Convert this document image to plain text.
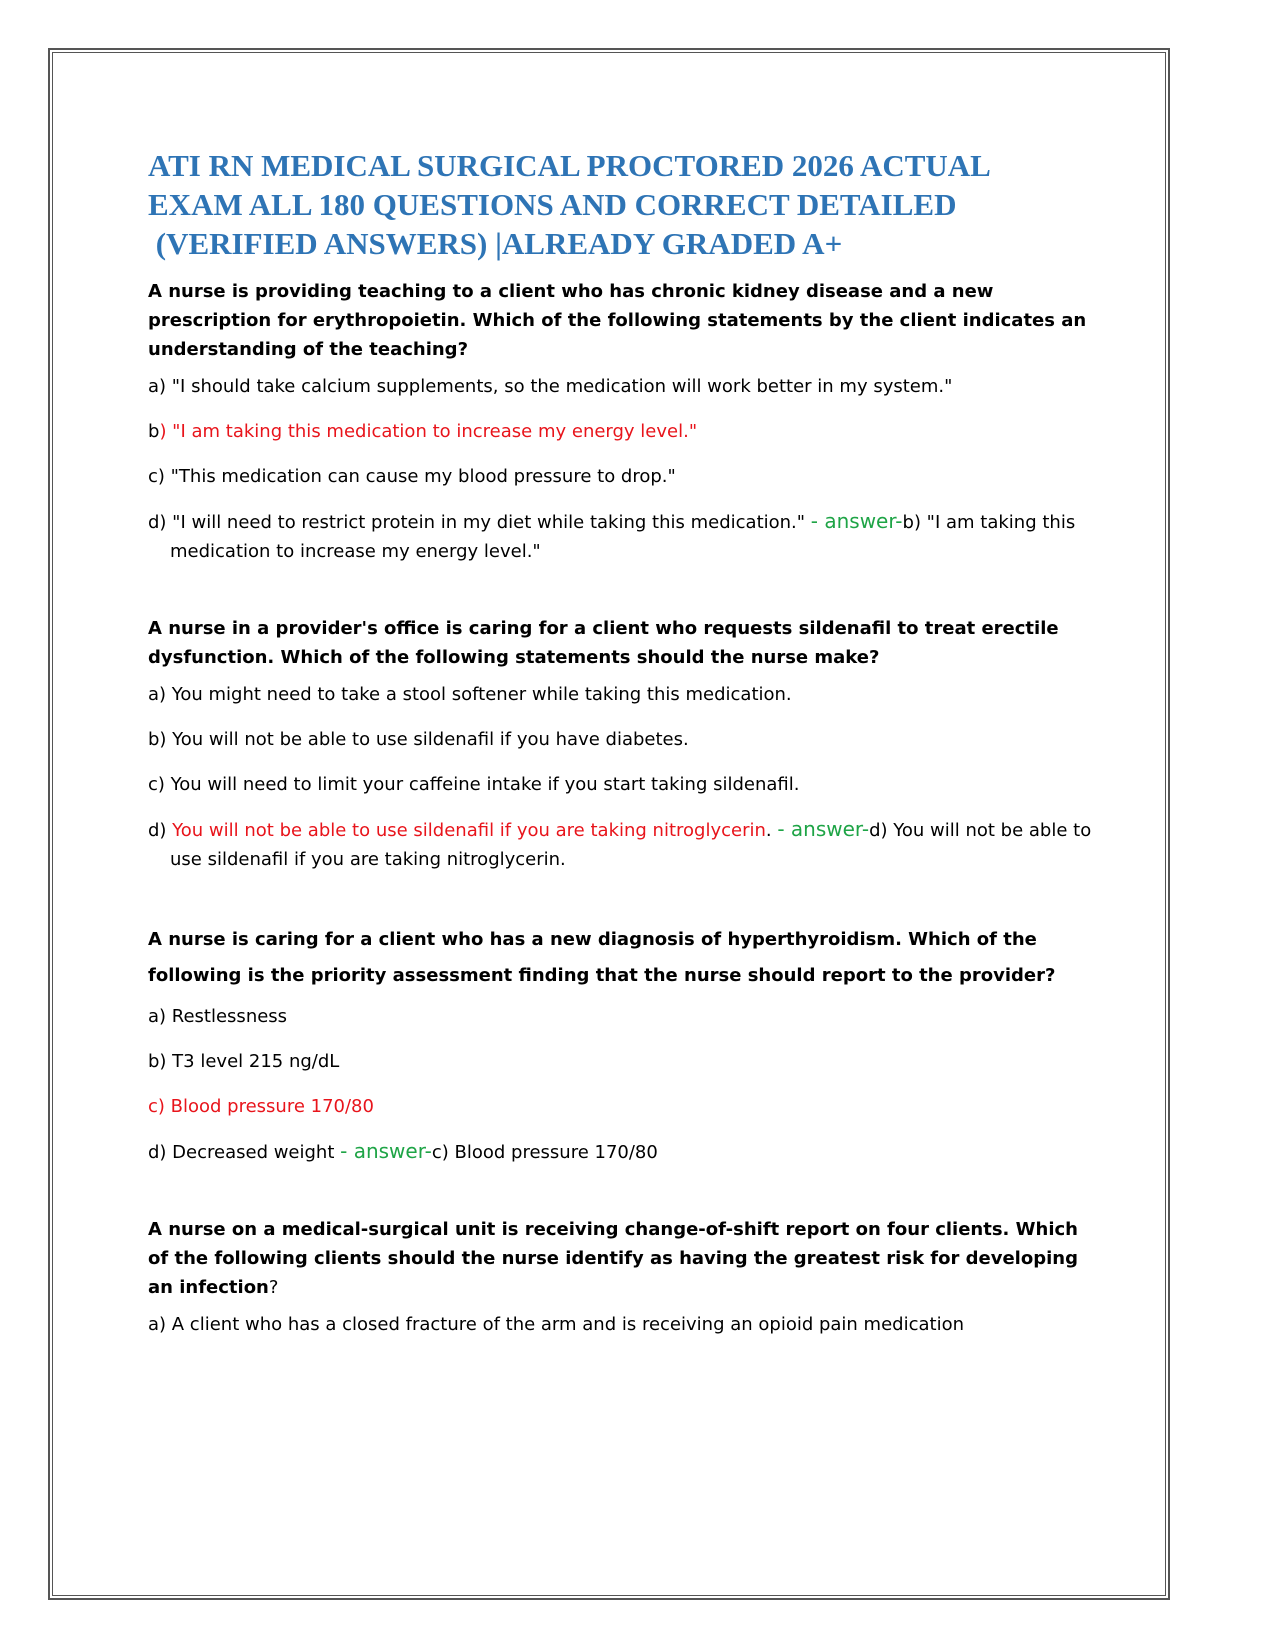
ATI RN MEDICAL SURGICAL PROCTORED 2026 ACTUAL
EXAM ALL 180 QUESTIONS AND CORRECT DETAILED
(VERIFIED ANSWERS) |ALREADY GRADED A+

A nurse is providing teaching to a client who has chronic kidney disease and a new prescription for erythropoietin. Which of the following statements by the client indicates an understanding of the teaching?

a) "I should take calcium supplements, so the medication will work better in my system."

b) "I am taking this medication to increase my energy level."

c) "This medication can cause my blood pressure to drop."

d) "I will need to restrict protein in my diet while taking this medication." - answer-b) "I am taking this medication to increase my energy level."

A nurse in a provider's office is caring for a client who requests sildenafil to treat erectile dysfunction. Which of the following statements should the nurse make?

a) You might need to take a stool softener while taking this medication.

b) You will not be able to use sildenafil if you have diabetes.

c) You will need to limit your caffeine intake if you start taking sildenafil.

d) You will not be able to use sildenafil if you are taking nitroglycerin. - answer-d) You will not be able to use sildenafil if you are taking nitroglycerin.

A nurse is caring for a client who has a new diagnosis of hyperthyroidism. Which of the following is the priority assessment finding that the nurse should report to the provider?

a) Restlessness

b) T3 level 215 ng/dL

c) Blood pressure 170/80

d) Decreased weight - answer-c) Blood pressure 170/80

A nurse on a medical-surgical unit is receiving change-of-shift report on four clients. Which of the following clients should the nurse identify as having the greatest risk for developing an infection?

a) A client who has a closed fracture of the arm and is receiving an opioid pain medication
